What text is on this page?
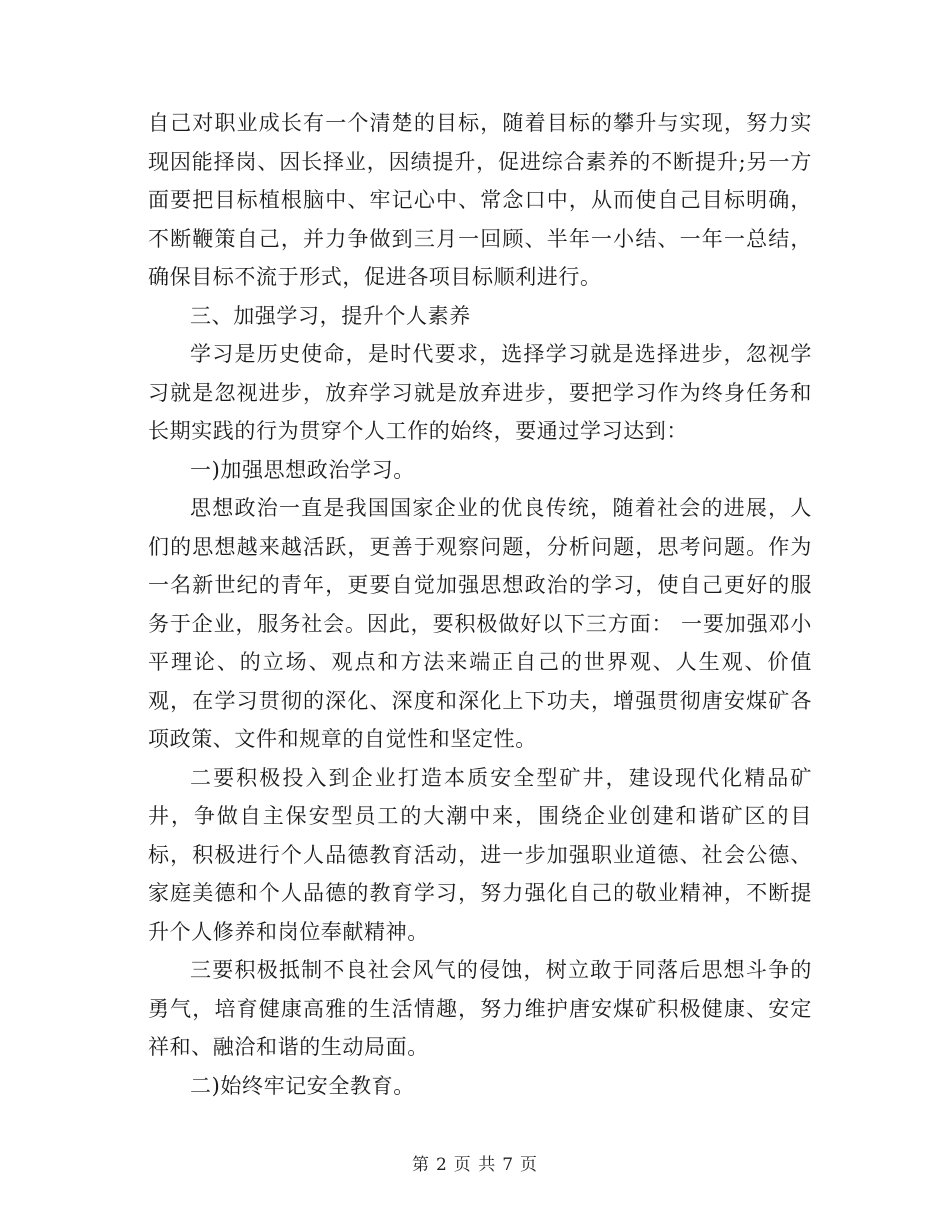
自己对职业成长有一个清楚的目标，随着目标的攀升与实现，努力实现因能择岗、因长择业，因绩提升，促进综合素养的不断提升;另一方面要把目标植根脑中、牢记心中、常念口中，从而使自己目标明确，不断鞭策自己，并力争做到三月一回顾、半年一小结、一年一总结，确保目标不流于形式，促进各项目标顺利进行。

三、加强学习，提升个人素养

学习是历史使命，是时代要求，选择学习就是选择进步，忽视学习就是忽视进步，放弃学习就是放弃进步，要把学习作为终身任务和长期实践的行为贯穿个人工作的始终，要通过学习达到：

一)加强思想政治学习。

思想政治一直是我国国家企业的优良传统，随着社会的进展，人们的思想越来越活跃，更善于观察问题，分析问题，思考问题。作为一名新世纪的青年，更要自觉加强思想政治的学习，使自己更好的服务于企业，服务社会。因此，要积极做好以下三方面： 一要加强邓小平理论、的立场、观点和方法来端正自己的世界观、人生观、价值观，在学习贯彻的深化、深度和深化上下功夫，增强贯彻唐安煤矿各项政策、文件和规章的自觉性和坚定性。

二要积极投入到企业打造本质安全型矿井，建设现代化精品矿井，争做自主保安型员工的大潮中来，围绕企业创建和谐矿区的目标，积极进行个人品德教育活动，进一步加强职业道德、社会公德、家庭美德和个人品德的教育学习，努力强化自己的敬业精神，不断提升个人修养和岗位奉献精神。

三要积极抵制不良社会风气的侵蚀，树立敢于同落后思想斗争的勇气，培育健康高雅的生活情趣，努力维护唐安煤矿积极健康、安定祥和、融洽和谐的生动局面。

二)始终牢记安全教育。

第 2 页 共 7 页
